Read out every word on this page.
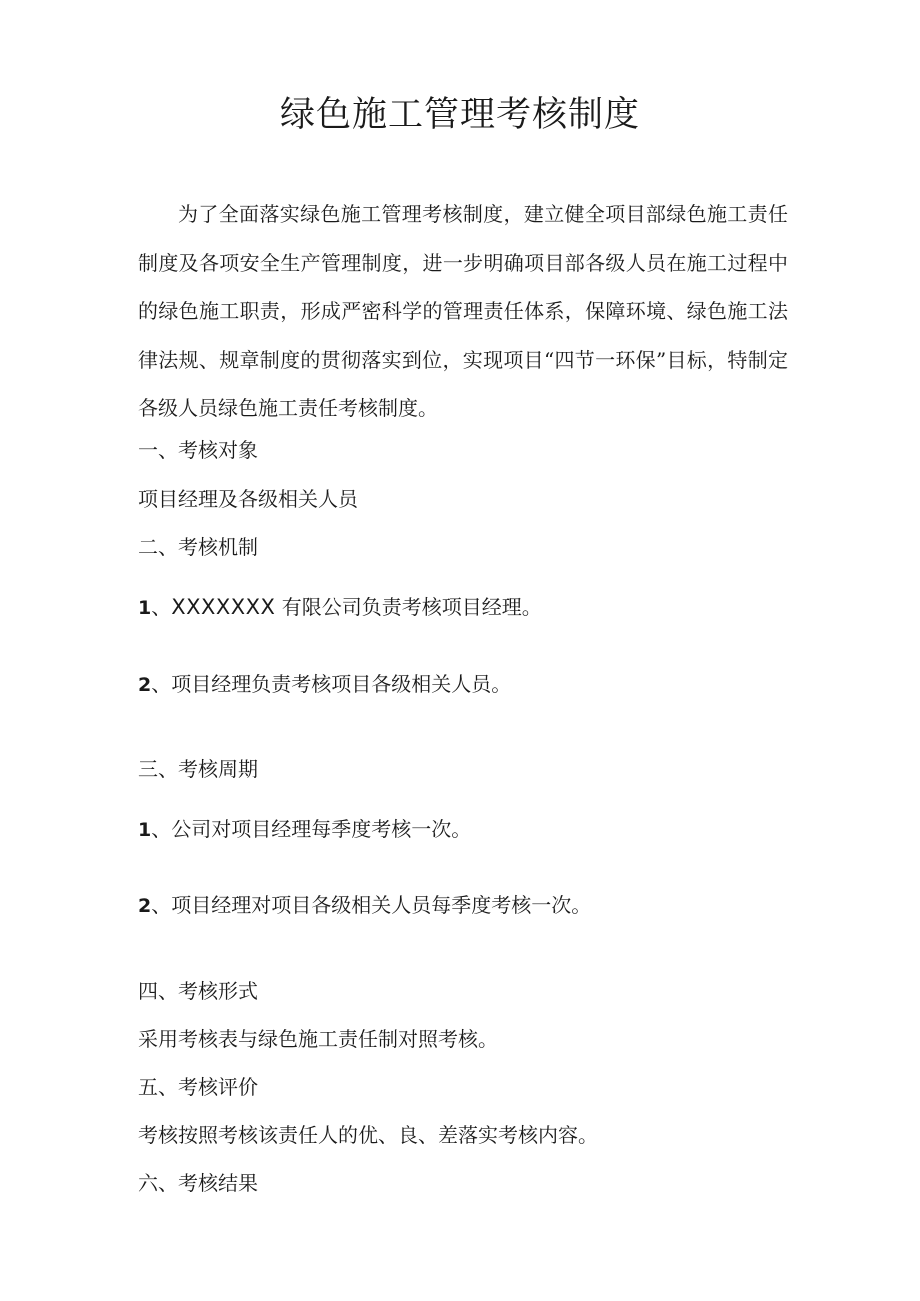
绿色施工管理考核制度
为了全面落实绿色施工管理考核制度，建立健全项目部绿色施工责任制度及各项安全生产管理制度，进一步明确项目部各级人员在施工过程中的绿色施工职责，形成严密科学的管理责任体系，保障环境、绿色施工法律法规、规章制度的贯彻落实到位，实现项目“四节一环保”目标，特制定各级人员绿色施工责任考核制度。
一、考核对象
项目经理及各级相关人员
二、考核机制
1、XXXXXXX 有限公司负责考核项目经理。
2、项目经理负责考核项目各级相关人员。
三、考核周期
1、公司对项目经理每季度考核一次。
2、项目经理对项目各级相关人员每季度考核一次。
四、考核形式
采用考核表与绿色施工责任制对照考核。
五、考核评价
考核按照考核该责任人的优、良、差落实考核内容。
六、考核结果
